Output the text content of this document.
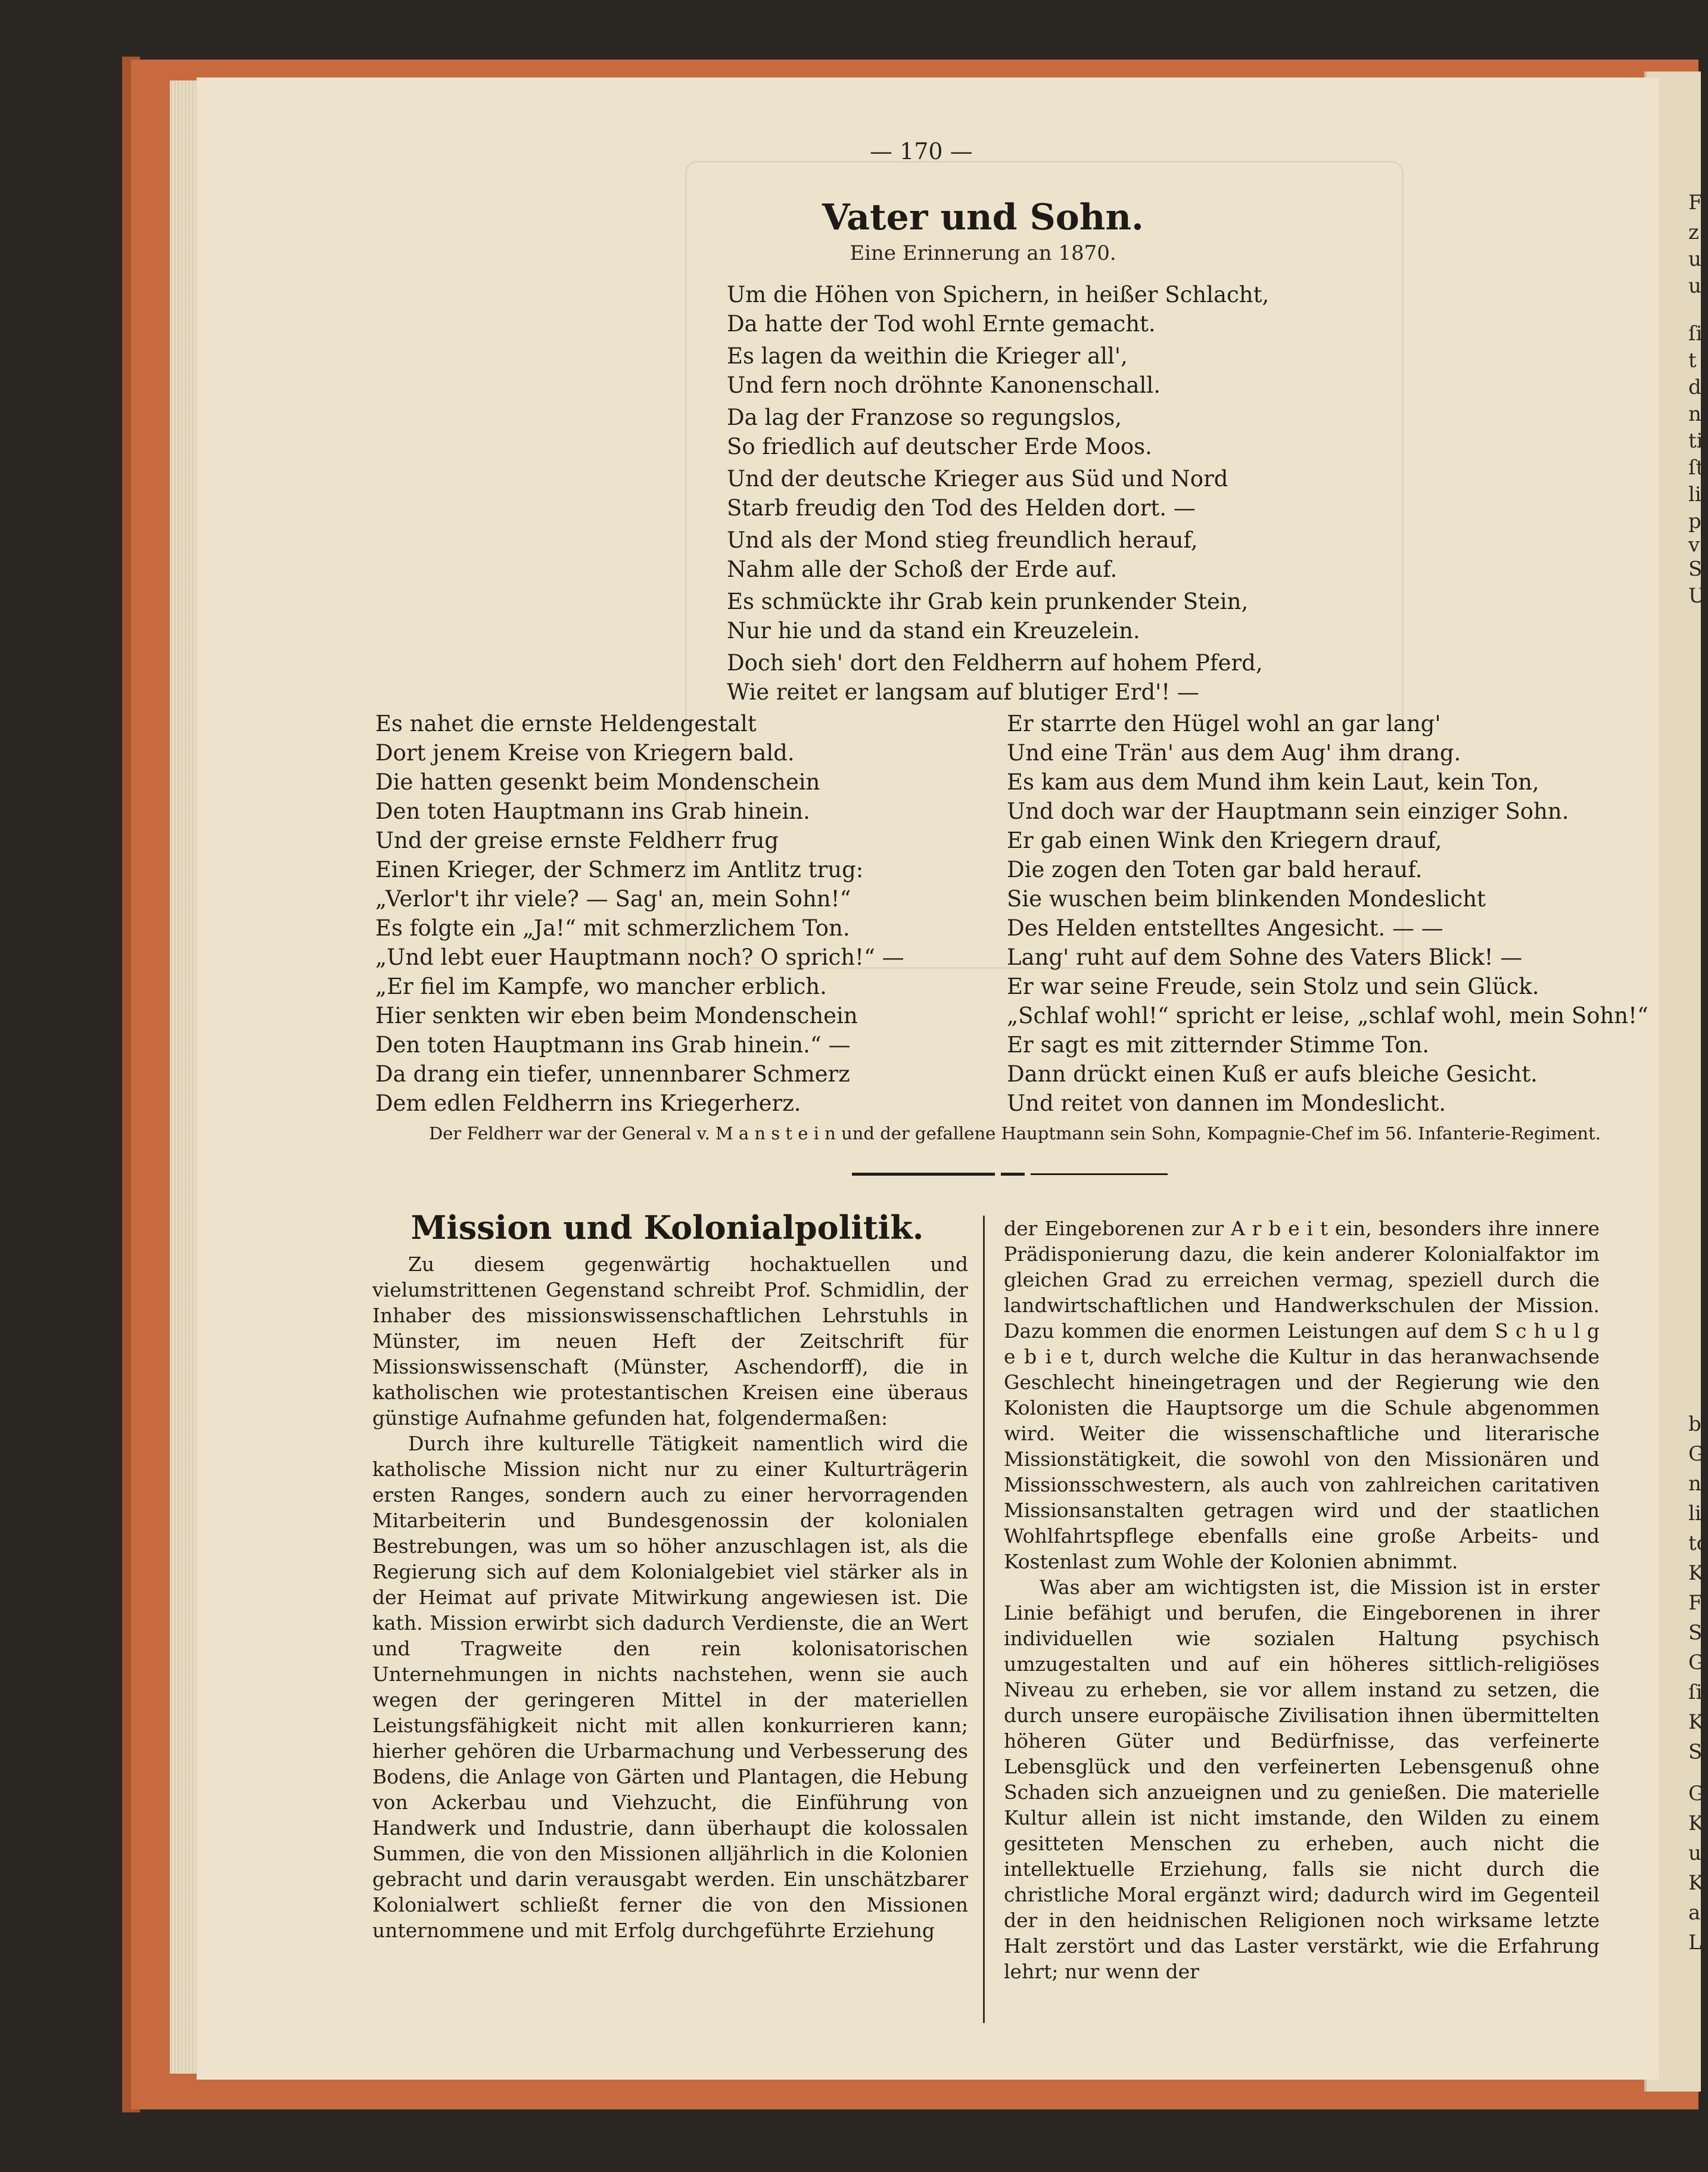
F
z
u
u
ſi
t
d
n
ti
ſt
li
p
v
S
U
b
G
n
li
tc
K
F
S
G
ſi
K
S
G
K
u
K
a
L
— 170 —
Vater und Sohn.
Eine Erinnerung an 1870.
Um die Höhen von Spichern, in heißer Schlacht,
Da hatte der Tod wohl Ernte gemacht.
Es lagen da weithin die Krieger all',
Und fern noch dröhnte Kanonenschall.
Da lag der Franzose so regungslos,
So friedlich auf deutscher Erde Moos.
Und der deutsche Krieger aus Süd und Nord
Starb freudig den Tod des Helden dort. —
Und als der Mond stieg freundlich herauf,
Nahm alle der Schoß der Erde auf.
Es schmückte ihr Grab kein prunkender Stein,
Nur hie und da stand ein Kreuzelein.
Doch sieh' dort den Feldherrn auf hohem Pferd,
Wie reitet er langsam auf blutiger Erd'! —
Es nahet die ernste Heldengestalt
Dort jenem Kreise von Kriegern bald.
Die hatten gesenkt beim Mondenschein
Den toten Hauptmann ins Grab hinein.
Und der greise ernste Feldherr frug
Einen Krieger, der Schmerz im Antlitz trug:
„Verlor't ihr viele? — Sag' an, mein Sohn!“
Es folgte ein „Ja!“ mit schmerzlichem Ton.
„Und lebt euer Hauptmann noch? O sprich!“ —
„Er fiel im Kampfe, wo mancher erblich.
Hier senkten wir eben beim Mondenschein
Den toten Hauptmann ins Grab hinein.“ —
Da drang ein tiefer, unnennbarer Schmerz
Dem edlen Feldherrn ins Kriegerherz.
Er starrte den Hügel wohl an gar lang'
Und eine Trän' aus dem Aug' ihm drang.
Es kam aus dem Mund ihm kein Laut, kein Ton,
Und doch war der Hauptmann sein einziger Sohn.
Er gab einen Wink den Kriegern drauf,
Die zogen den Toten gar bald herauf.
Sie wuschen beim blinkenden Mondeslicht
Des Helden entstelltes Angesicht. — —
Lang' ruht auf dem Sohne des Vaters Blick! —
Er war seine Freude, sein Stolz und sein Glück.
„Schlaf wohl!“ spricht er leise, „schlaf wohl, mein Sohn!“
Er sagt es mit zitternder Stimme Ton.
Dann drückt einen Kuß er aufs bleiche Gesicht.
Und reitet von dannen im Mondeslicht.
Der Feldherr war der General v. M a n s t e i n und der gefallene Hauptmann sein Sohn, Kompagnie-Chef im 56. Infanterie-Regiment.
Mission und Kolonialpolitik.

Zu diesem gegenwärtig hochaktuellen und vielumstrittenen Gegenstand schreibt Prof. Schmidlin, der Inhaber des missionswissenschaftlichen Lehrstuhls in Münster, im neuen Heft der Zeitschrift für Missionswissenschaft (Münster, Aschendorff), die in katholischen wie protestantischen Kreisen eine überaus günstige Aufnahme gefunden hat, folgendermaßen:

Durch ihre kulturelle Tätigkeit namentlich wird die katholische Mission nicht nur zu einer Kulturträgerin ersten Ranges, sondern auch zu einer hervorragenden Mitarbeiterin und Bundesgenossin der kolonialen Bestrebungen, was um so höher anzuschlagen ist, als die Regierung sich auf dem Kolonialgebiet viel stärker als in der Heimat auf private Mitwirkung angewiesen ist. Die kath. Mission erwirbt sich dadurch Verdienste, die an Wert und Tragweite den rein kolonisatorischen Unternehmungen in nichts nachstehen, wenn sie auch wegen der geringeren Mittel in der materiellen Leistungsfähigkeit nicht mit allen konkurrieren kann; hierher gehören die Urbarmachung und Verbesserung des Bodens, die Anlage von Gärten und Plantagen, die Hebung von Ackerbau und Viehzucht, die Einführung von Handwerk und Industrie, dann überhaupt die kolossalen Summen, die von den Missionen alljährlich in die Kolonien gebracht und darin verausgabt werden. Ein unschätzbarer Kolonialwert schließt ferner die von den Missionen unternommene und mit Erfolg durchgeführte Erziehung

der Eingeborenen zur A r b e i t ein, besonders ihre innere Prädisponierung dazu, die kein anderer Kolonialfaktor im gleichen Grad zu erreichen vermag, speziell durch die landwirtschaftlichen und Handwerkschulen der Mission. Dazu kommen die enormen Leistungen auf dem S c h u l g e b i e t, durch welche die Kultur in das heranwachsende Geschlecht hineingetragen und der Regierung wie den Kolonisten die Hauptsorge um die Schule abgenommen wird. Weiter die wissenschaftliche und literarische Missionstätigkeit, die sowohl von den Missionären und Missionsschwestern, als auch von zahlreichen caritativen Missionsanstalten getragen wird und der staatlichen Wohlfahrtspflege ebenfalls eine große Arbeits- und Kostenlast zum Wohle der Kolonien abnimmt.

Was aber am wichtigsten ist, die Mission ist in erster Linie befähigt und berufen, die Eingeborenen in ihrer individuellen wie sozialen Haltung psychisch umzugestalten und auf ein höheres sittlich-religiöses Niveau zu erheben, sie vor allem instand zu setzen, die durch unsere europäische Zivilisation ihnen übermittelten höheren Güter und Bedürfnisse, das verfeinerte Lebensglück und den verfeinerten Lebensgenuß ohne Schaden sich anzueignen und zu genießen. Die materielle Kultur allein ist nicht imstande, den Wilden zu einem gesitteten Menschen zu erheben, auch nicht die intellektuelle Erziehung, falls sie nicht durch die christliche Moral ergänzt wird; dadurch wird im Gegenteil der in den heidnischen Religionen noch wirksame letzte Halt zerstört und das Laster verstärkt, wie die Erfahrung lehrt; nur wenn der
